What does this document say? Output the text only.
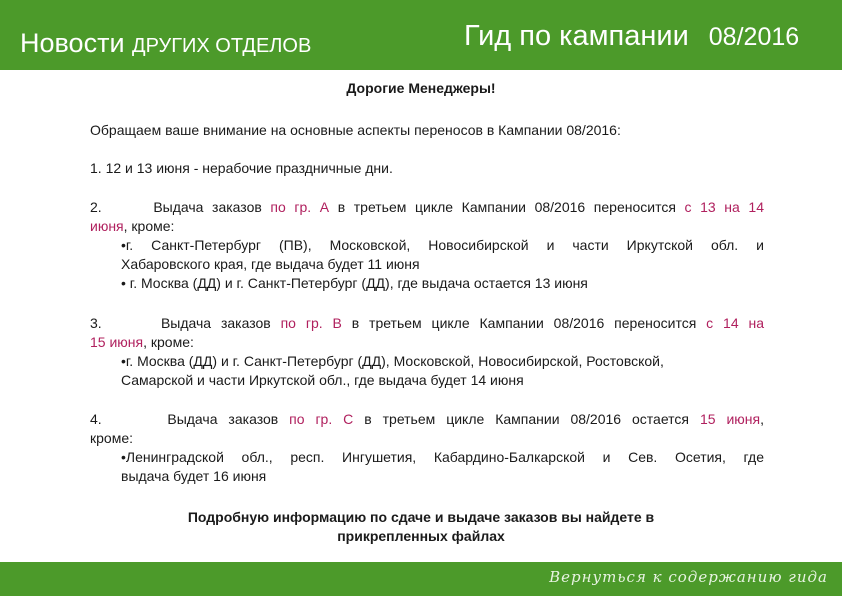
Новости ДРУГИХ ОТДЕЛОВ	Гид по кампании 08/2016
Дорогие Менеджеры!
Обращаем ваше внимание на основные аспекты переносов в Кампании 08/2016:
1. 12 и 13 июня - нерабочие праздничные дни.
2.	Выдача заказов по гр. А в третьем цикле Кампании 08/2016 переносится с 13 на 14
июня, кроме:
•г. Санкт-Петербург (ПВ), Московской, Новосибирской и части Иркутской обл. и
Хабаровского края, где выдача будет 11 июня
• г. Москва (ДД) и г. Санкт-Петербург (ДД), где выдача остается 13 июня
3.	Выдача заказов по гр. В в третьем цикле Кампании 08/2016 переносится с 14 на
15 июня, кроме:
•г. Москва (ДД) и г. Санкт-Петербург (ДД), Московской, Новосибирской, Ростовской,
Самарской и части Иркутской обл., где выдача будет 14 июня
4.	Выдача заказов по гр. С в третьем цикле Кампании 08/2016 остается 15 июня,
кроме:
•Ленинградской обл., респ. Ингушетия, Кабардино-Балкарской и Сев. Осетия, где
выдача будет 16 июня
Подробную информацию по сдаче и выдаче заказов вы найдете в
прикрепленных файлах
Вернуться к содержанию гида
